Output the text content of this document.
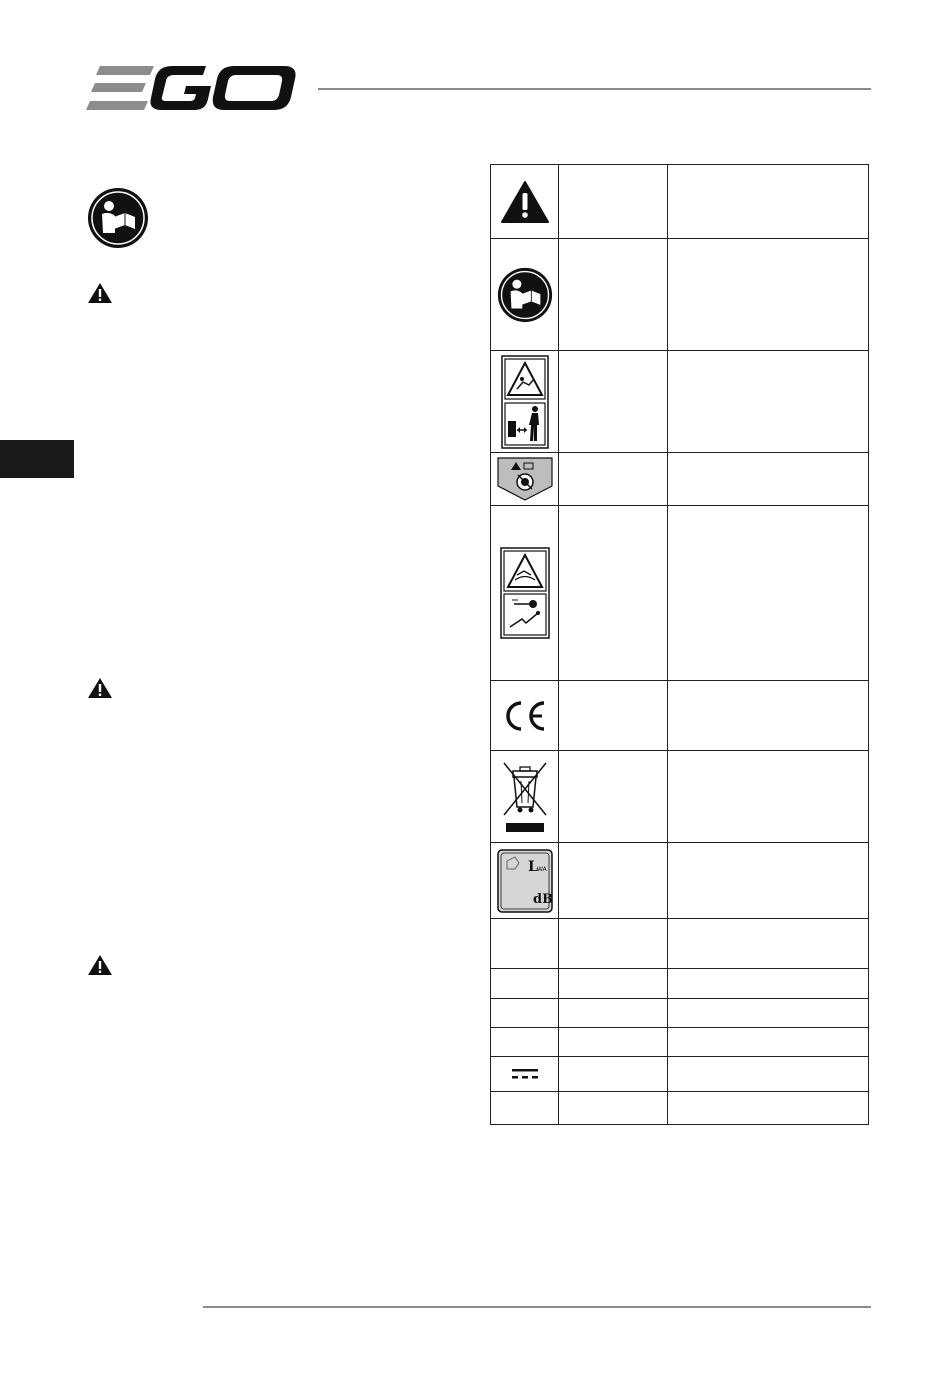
L WA
dB		
